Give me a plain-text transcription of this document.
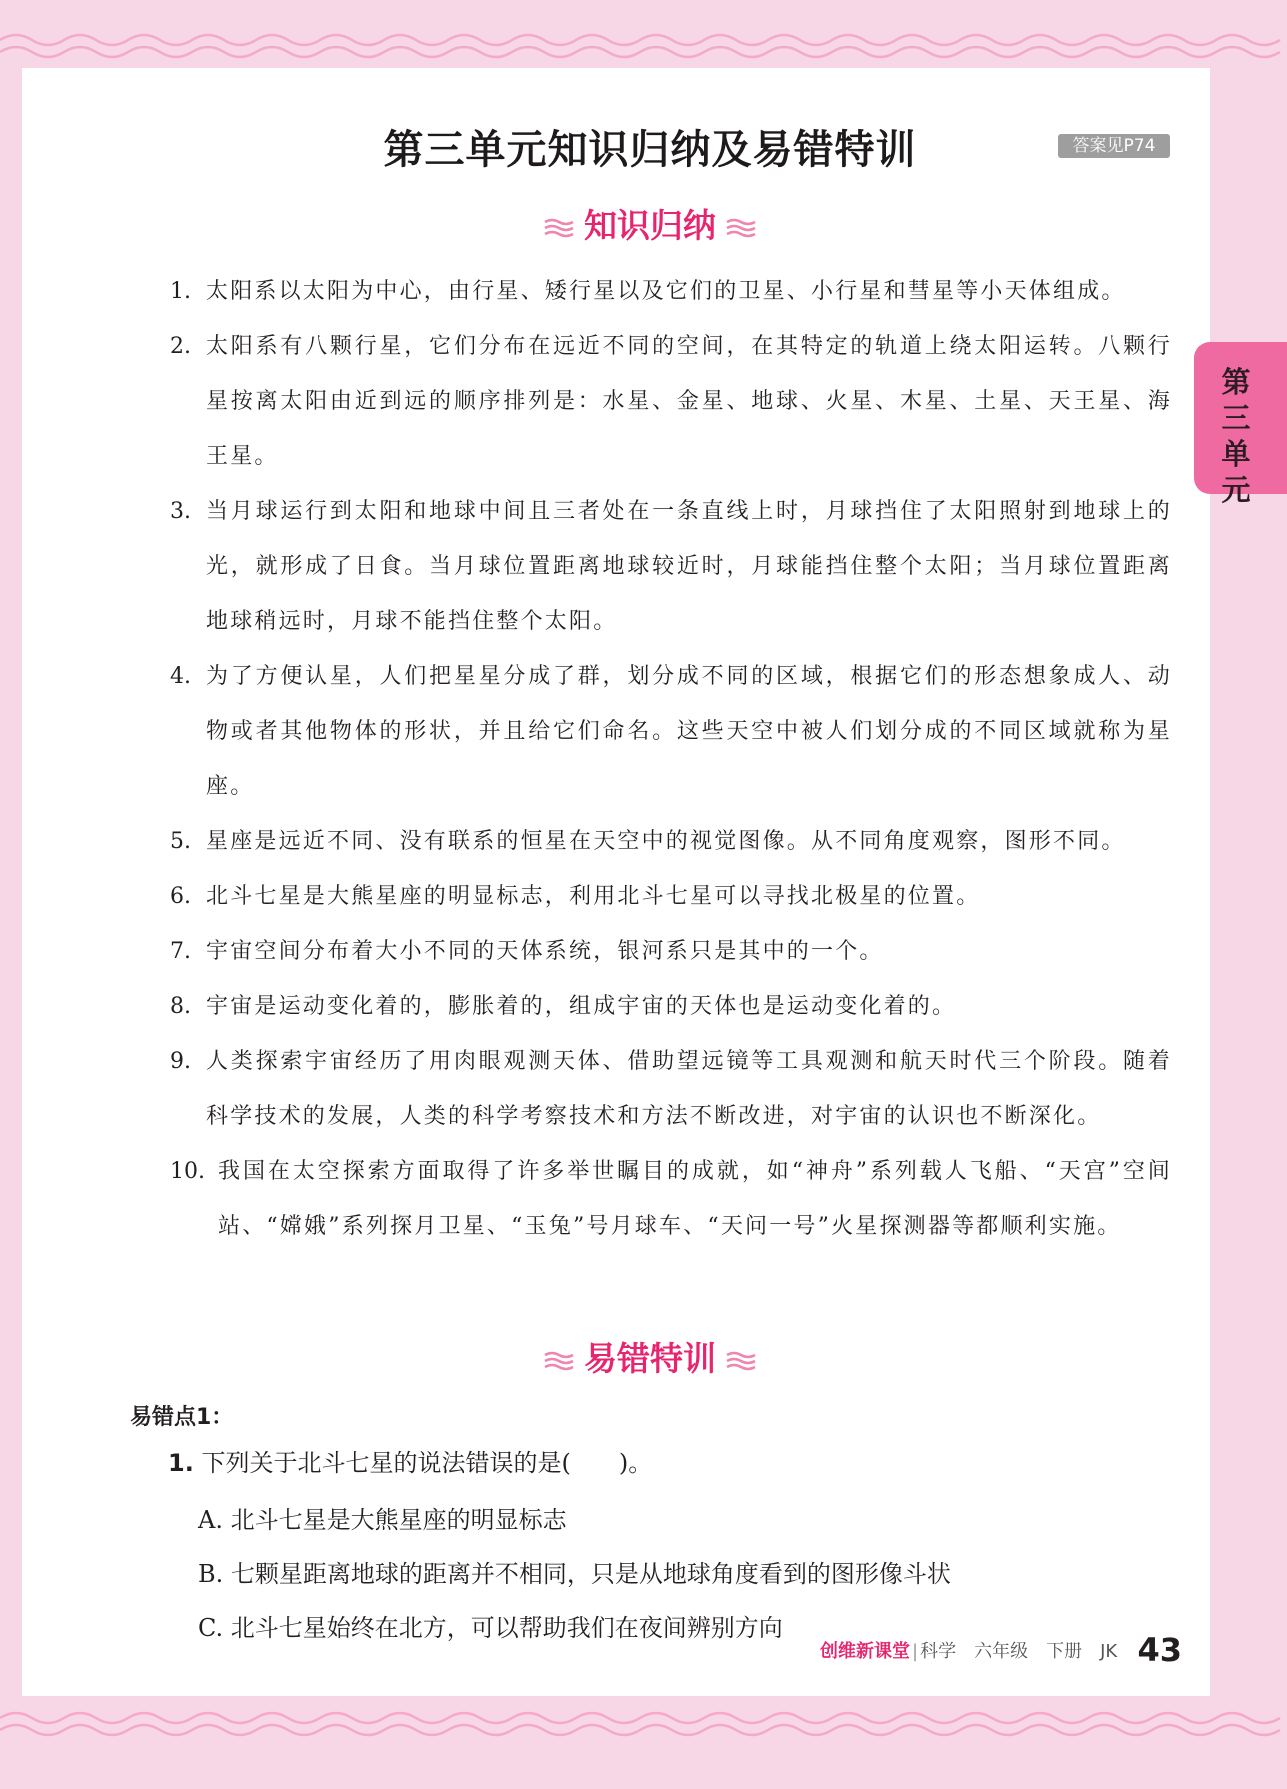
第三单元
第三单元知识归纳及易错特训	答案见P74
知识归纳
1. 太阳系以太阳为中心，由行星、矮行星以及它们的卫星、小行星和彗星等小天体组成。
2. 太阳系有八颗行星，它们分布在远近不同的空间，在其特定的轨道上绕太阳运转。八颗行星按离太阳由近到远的顺序排列是：水星、金星、地球、火星、木星、土星、天王星、海王星。
3. 当月球运行到太阳和地球中间且三者处在一条直线上时，月球挡住了太阳照射到地球上的光，就形成了日食。当月球位置距离地球较近时，月球能挡住整个太阳；当月球位置距离地球稍远时，月球不能挡住整个太阳。
4. 为了方便认星，人们把星星分成了群，划分成不同的区域，根据它们的形态想象成人、动物或者其他物体的形状，并且给它们命名。这些天空中被人们划分成的不同区域就称为星座。
5. 星座是远近不同、没有联系的恒星在天空中的视觉图像。从不同角度观察，图形不同。
6. 北斗七星是大熊星座的明显标志，利用北斗七星可以寻找北极星的位置。
7. 宇宙空间分布着大小不同的天体系统，银河系只是其中的一个。
8. 宇宙是运动变化着的，膨胀着的，组成宇宙的天体也是运动变化着的。
9. 人类探索宇宙经历了用肉眼观测天体、借助望远镜等工具观测和航天时代三个阶段。随着科学技术的发展，人类的科学考察技术和方法不断改进，对宇宙的认识也不断深化。
10. 我国在太空探索方面取得了许多举世瞩目的成就，如“神舟”系列载人飞船、“天宫”空间站、“嫦娥”系列探月卫星、“玉兔”号月球车、“天问一号”火星探测器等都顺利实施。
易错特训
易错点1：
1. 下列关于北斗七星的说法错误的是(　　)。
A. 北斗七星是大熊星座的明显标志
B. 七颗星距离地球的距离并不相同，只是从地球角度看到的图形像斗状
C. 北斗七星始终在北方，可以帮助我们在夜间辨别方向
创维新课堂 | 科学　六年级　下册　JK 43
